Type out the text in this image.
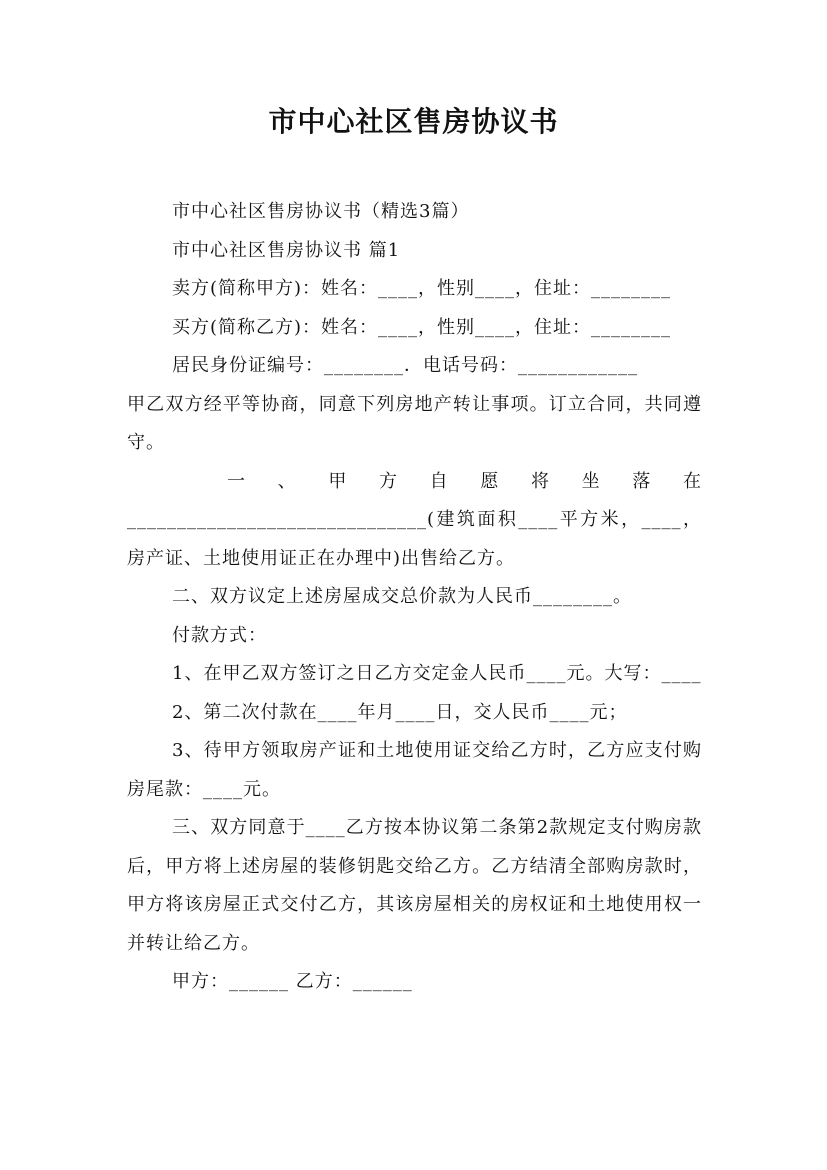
市中心社区售房协议书

市中心社区售房协议书（精选3篇）

市中心社区售房协议书 篇1

卖方(简称甲方)：姓名：____，性别____，住址：________

买方(简称乙方)：姓名：____，性别____，住址：________

居民身份证编号：________．电话号码：____________

甲乙双方经平等协商，同意下列房地产转让事项。订立合同，共同遵守。

一、甲方自愿将坐落在

______________________________(建筑面积____平方米，____，房产证、土地使用证正在办理中)出售给乙方。

二、双方议定上述房屋成交总价款为人民币________。

付款方式：

1、在甲乙双方签订之日乙方交定金人民币____元。大写：____

2、第二次付款在____年月____日，交人民币____元；

3、待甲方领取房产证和土地使用证交给乙方时，乙方应支付购房尾款：____元。

三、双方同意于____乙方按本协议第二条第2款规定支付购房款后，甲方将上述房屋的装修钥匙交给乙方。乙方结清全部购房款时，甲方将该房屋正式交付乙方，其该房屋相关的房权证和土地使用权一并转让给乙方。

甲方：______ 乙方：______
